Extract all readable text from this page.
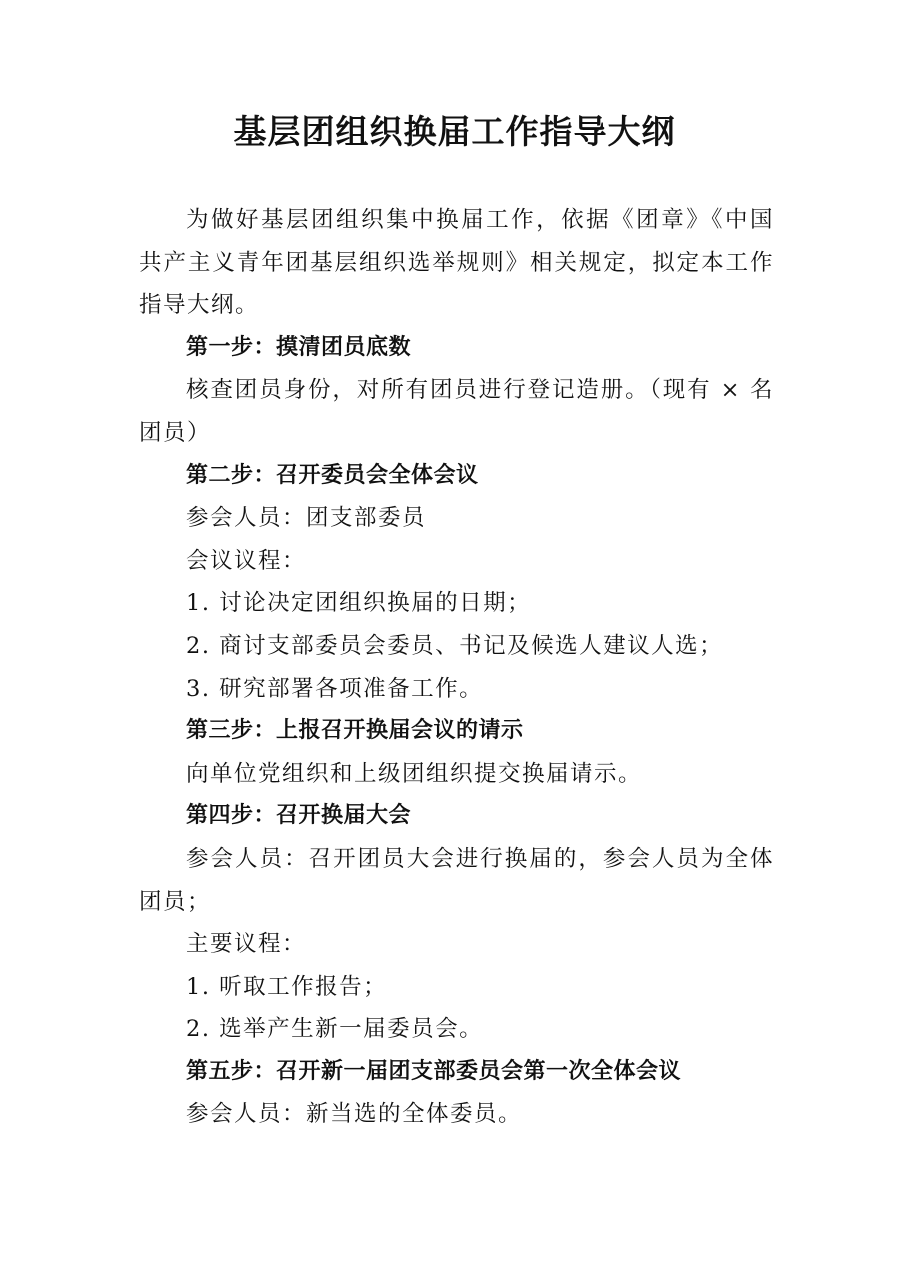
基层团组织换届工作指导大纲

为做好基层团组织集中换届工作，依据《团章》《中国共产主义青年团基层组织选举规则》相关规定，拟定本工作指导大纲。

第一步：摸清团员底数

核查团员身份，对所有团员进行登记造册。（现有 × 名团员）

第二步：召开委员会全体会议

参会人员：团支部委员

会议议程：

1. 讨论决定团组织换届的日期；

2. 商讨支部委员会委员、书记及候选人建议人选；

3. 研究部署各项准备工作。

第三步：上报召开换届会议的请示

向单位党组织和上级团组织提交换届请示。

第四步：召开换届大会

参会人员：召开团员大会进行换届的，参会人员为全体团员；

主要议程：

1. 听取工作报告；

2. 选举产生新一届委员会。

第五步：召开新一届团支部委员会第一次全体会议

参会人员：新当选的全体委员。
